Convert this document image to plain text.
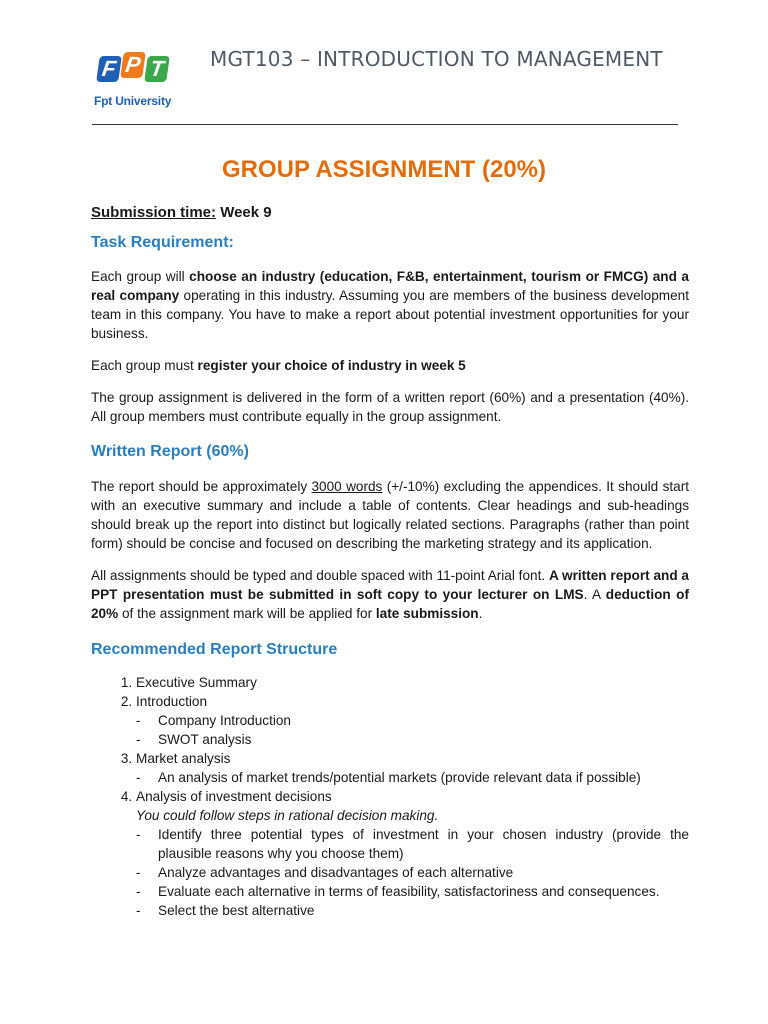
F P T
Fpt University
MGT103 – INTRODUCTION TO MANAGEMENT
GROUP ASSIGNMENT (20%)

Submission time: Week 9

Task Requirement:

Each group will choose an industry (education, F&B, entertainment, tourism or FMCG) and a real company operating in this industry. Assuming you are members of the business development team in this company. You have to make a report about potential investment opportunities for your business.

Each group must register your choice of industry in week 5

The group assignment is delivered in the form of a written report (60%) and a presentation (40%). All group members must contribute equally in the group assignment.

Written Report (60%)

The report should be approximately 3000 words (+/-10%) excluding the appendices. It should start with an executive summary and include a table of contents. Clear headings and sub-headings should break up the report into distinct but logically related sections. Paragraphs (rather than point form) should be concise and focused on describing the marketing strategy and its application.

All assignments should be typed and double spaced with 11-point Arial font. A written report and a PPT presentation must be submitted in soft copy to your lecturer on LMS. A deduction of 20% of the assignment mark will be applied for late submission.

Recommended Report Structure
1. Executive Summary
2. Introduction
- Company Introduction
- SWOT analysis
3. Market analysis
- An analysis of market trends/potential markets (provide relevant data if possible)
4. Analysis of investment decisions
You could follow steps in rational decision making.
- Identify three potential types of investment in your chosen industry (provide the plausible reasons why you choose them)
- Analyze advantages and disadvantages of each alternative
- Evaluate each alternative in terms of feasibility, satisfactoriness and consequences.
- Select the best alternative
